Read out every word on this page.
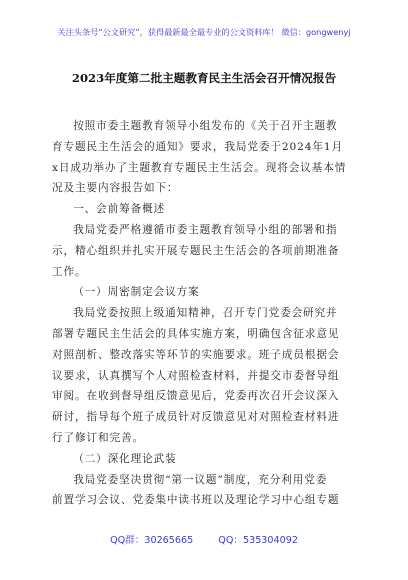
关注头条号“公文研究”，获得最新最全最专业的公文资料库！ 微信：gongwenyj
2023年度第二批主题教育民主生活会召开情况报告

按照市委主题教育领导小组发布的《关于召开主题教
育专题民主生活会的通知》要求，我局党委于2024年1月
x日成功举办了主题教育专题民主生活会。现将会议基本情
况及主要内容报告如下：

一、会前筹备概述

我局党委严格遵循市委主题教育领导小组的部署和指
示，精心组织并扎实开展专题民主生活会的各项前期准备
工作。

（一）周密制定会议方案

我局党委按照上级通知精神，召开专门党委会研究并
部署专题民主生活会的具体实施方案，明确包含征求意见
对照剖析、整改落实等环节的实施要求。班子成员根据会
议要求，认真撰写个人对照检查材料，并提交市委督导组
审阅。在收到督导组反馈意见后，党委再次召开会议深入
研讨，指导每个班子成员针对反馈意见对对照检查材料进
行了修订和完善。

（二）深化理论武装

我局党委坚决贯彻“第一议题”制度，充分利用党委
前置学习会议、党委集中读书班以及理论学习中心组专题

QQ群：30265665	QQ：535304092
